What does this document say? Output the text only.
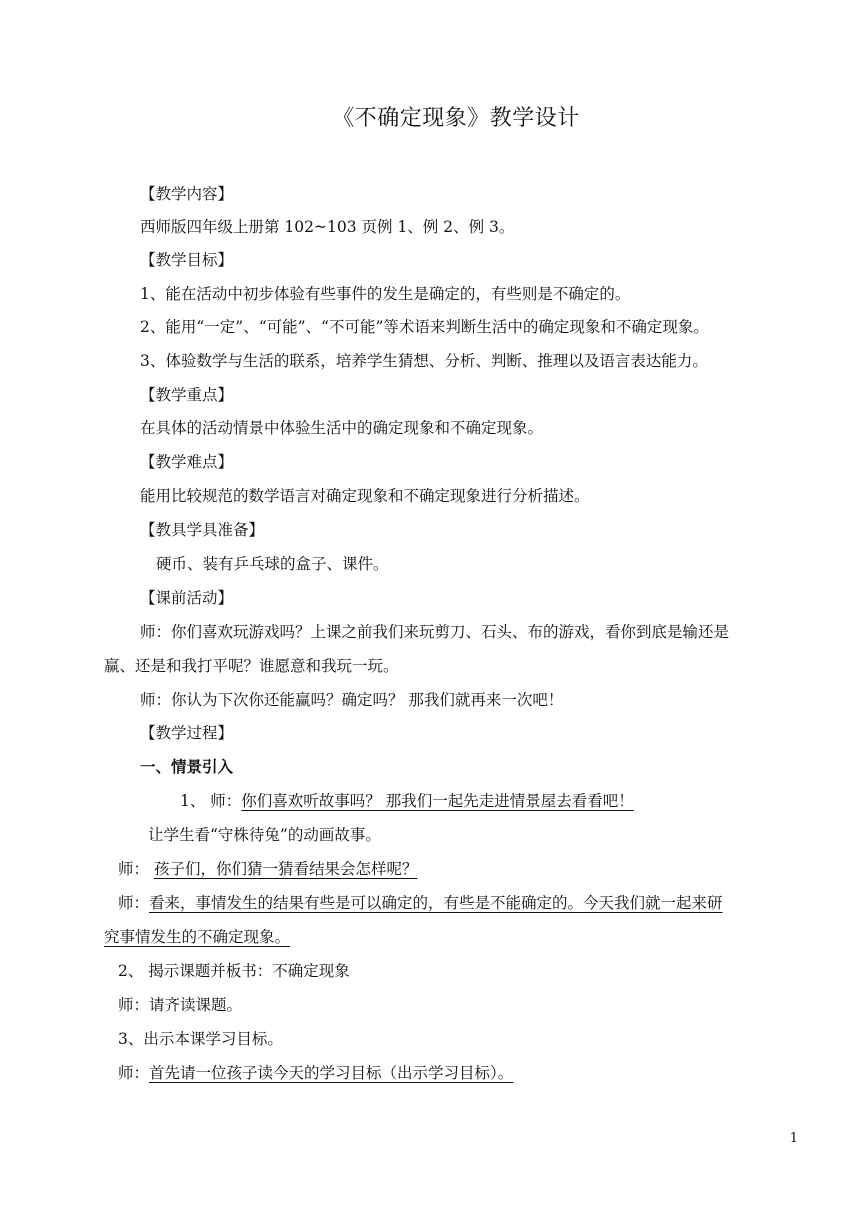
《不确定现象》教学设计
【教学内容】
西师版四年级上册第 102~103 页例 1、例 2、例 3。
【教学目标】
1、能在活动中初步体验有些事件的发生是确定的，有些则是不确定的。
2、能用“一定”、“可能”、“不可能”等术语来判断生活中的确定现象和不确定现象。
3、体验数学与生活的联系，培养学生猜想、分析、判断、推理以及语言表达能力。
【教学重点】
在具体的活动情景中体验生活中的确定现象和不确定现象。
【教学难点】
能用比较规范的数学语言对确定现象和不确定现象进行分析描述。
【教具学具准备】
硬币、装有乒乓球的盒子、课件。
【课前活动】
师：你们喜欢玩游戏吗？上课之前我们来玩剪刀、石头、布的游戏，看你到底是输还是
赢、还是和我打平呢？谁愿意和我玩一玩。
师：你认为下次你还能赢吗？确定吗？ 那我们就再来一次吧！
【教学过程】
一、情景引入
1、 师：你们喜欢听故事吗？ 那我们一起先走进情景屋去看看吧！
让学生看“守株待兔”的动画故事。
师： 孩子们，你们猜一猜看结果会怎样呢？
师：看来，事情发生的结果有些是可以确定的，有些是不能确定的。今天我们就一起来研
究事情发生的不确定现象。
2、 揭示课题并板书：不确定现象
师：请齐读课题。
3、出示本课学习目标。
师：首先请一位孩子读今天的学习目标（出示学习目标）。
1
